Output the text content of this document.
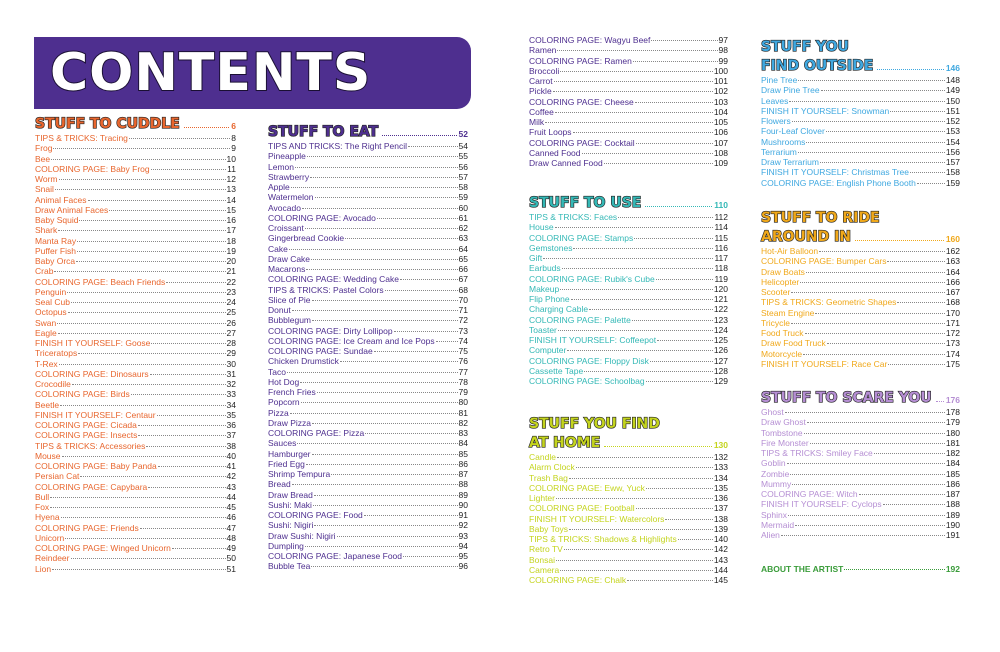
CONTENTS
STUFF TO CUDDLE	6
TIPS & TRICKS: Tracing	8
Frog	9
Bee	10
COLORING PAGE: Baby Frog	11
Worm	12
Snail	13
Animal Faces	14
Draw Animal Faces	15
Baby Squid	16
Shark	17
Manta Ray	18
Puffer Fish	19
Baby Orca	20
Crab	21
COLORING PAGE: Beach Friends	22
Penguin	23
Seal Cub	24
Octopus	25
Swan	26
Eagle	27
FINISH IT YOURSELF: Goose	28
Triceratops	29
T-Rex	30
COLORING PAGE: Dinosaurs	31
Crocodile	32
COLORING PAGE: Birds	33
Beetle	34
FINISH IT YOURSELF: Centaur	35
COLORING PAGE: Cicada	36
COLORING PAGE: Insects	37
TIPS & TRICKS: Accessories	38
Mouse	40
COLORING PAGE: Baby Panda	41
Persian Cat	42
COLORING PAGE: Capybara	43
Bull	44
Fox	45
Hyena	46
COLORING PAGE: Friends	47
Unicorn	48
COLORING PAGE: Winged Unicorn	49
Reindeer	50
Lion	51
STUFF TO EAT	52
TIPS AND TRICKS: The Right Pencil	54
Pineapple	55
Lemon	56
Strawberry	57
Apple	58
Watermelon	59
Avocado	60
COLORING PAGE: Avocado	61
Croissant	62
Gingerbread Cookie	63
Cake	64
Draw Cake	65
Macarons	66
COLORING PAGE: Wedding Cake	67
TIPS & TRICKS: Pastel Colors	68
Slice of Pie	70
Donut	71
Bubblegum	72
COLORING PAGE: Dirty Lollipop	73
COLORING PAGE: Ice Cream and Ice Pops	74
COLORING PAGE: Sundae	75
Chicken Drumstick	76
Taco	77
Hot Dog	78
French Fries	79
Popcorn	80
Pizza	81
Draw Pizza	82
COLORING PAGE: Pizza	83
Sauces	84
Hamburger	85
Fried Egg	86
Shrimp Tempura	87
Bread	88
Draw Bread	89
Sushi: Maki	90
COLORING PAGE: Food	91
Sushi: Nigiri	92
Draw Sushi: Nigiri	93
Dumpling	94
COLORING PAGE: Japanese Food	95
Bubble Tea	96
COLORING PAGE: Wagyu Beef	97
Ramen	98
COLORING PAGE: Ramen	99
Broccoli	100
Carrot	101
Pickle	102
COLORING PAGE: Cheese	103
Coffee	104
Milk	105
Fruit Loops	106
COLORING PAGE: Cocktail	107
Canned Food	108
Draw Canned Food	109
STUFF TO USE	110
TIPS & TRICKS: Faces	112
House	114
COLORING PAGE: Stamps	115
Gemstones	116
Gift	117
Earbuds	118
COLORING PAGE: Rubik's Cube	119
Makeup	120
Flip Phone	121
Charging Cable	122
COLORING PAGE: Palette	123
Toaster	124
FINISH IT YOURSELF: Coffeepot	125
Computer	126
COLORING PAGE: Floppy Disk	127
Cassette Tape	128
COLORING PAGE: Schoolbag	129
STUFF YOU FIND
AT HOME	130
Candle	132
Alarm Clock	133
Trash Bag	134
COLORING PAGE: Eww, Yuck	135
Lighter	136
COLORING PAGE: Football	137
FINISH IT YOURSELF: Watercolors	138
Baby Toys	139
TIPS & TRICKS: Shadows & Highlights	140
Retro TV	142
Bonsai	143
Camera	144
COLORING PAGE: Chalk	145
STUFF YOU
FIND OUTSIDE	146
Pine Tree	148
Draw Pine Tree	149
Leaves	150
FINISH IT YOURSELF: Snowman	151
Flowers	152
Four-Leaf Clover	153
Mushrooms	154
Terrarium	156
Draw Terrarium	157
FINISH IT YOURSELF: Christmas Tree	158
COLORING PAGE: English Phone Booth	159
STUFF TO RIDE
AROUND IN	160
Hot-Air Balloon	162
COLORING PAGE: Bumper Cars	163
Draw Boats	164
Helicopter	166
Scooter	167
TIPS & TRICKS: Geometric Shapes	168
Steam Engine	170
Tricycle	171
Food Truck	172
Draw Food Truck	173
Motorcycle	174
FINISH IT YOURSELF: Race Car	175
STUFF TO SCARE YOU 176
Ghost	178
Draw Ghost	179
Tombstone	180
Fire Monster	181
TIPS & TRICKS: Smiley Face	182
Goblin	184
Zombie	185
Mummy	186
COLORING PAGE: Witch	187
FINISH IT YOURSELF: Cyclops	188
Sphinx	189
Mermaid	190
Alien	191
ABOUT THE ARTIST	192
